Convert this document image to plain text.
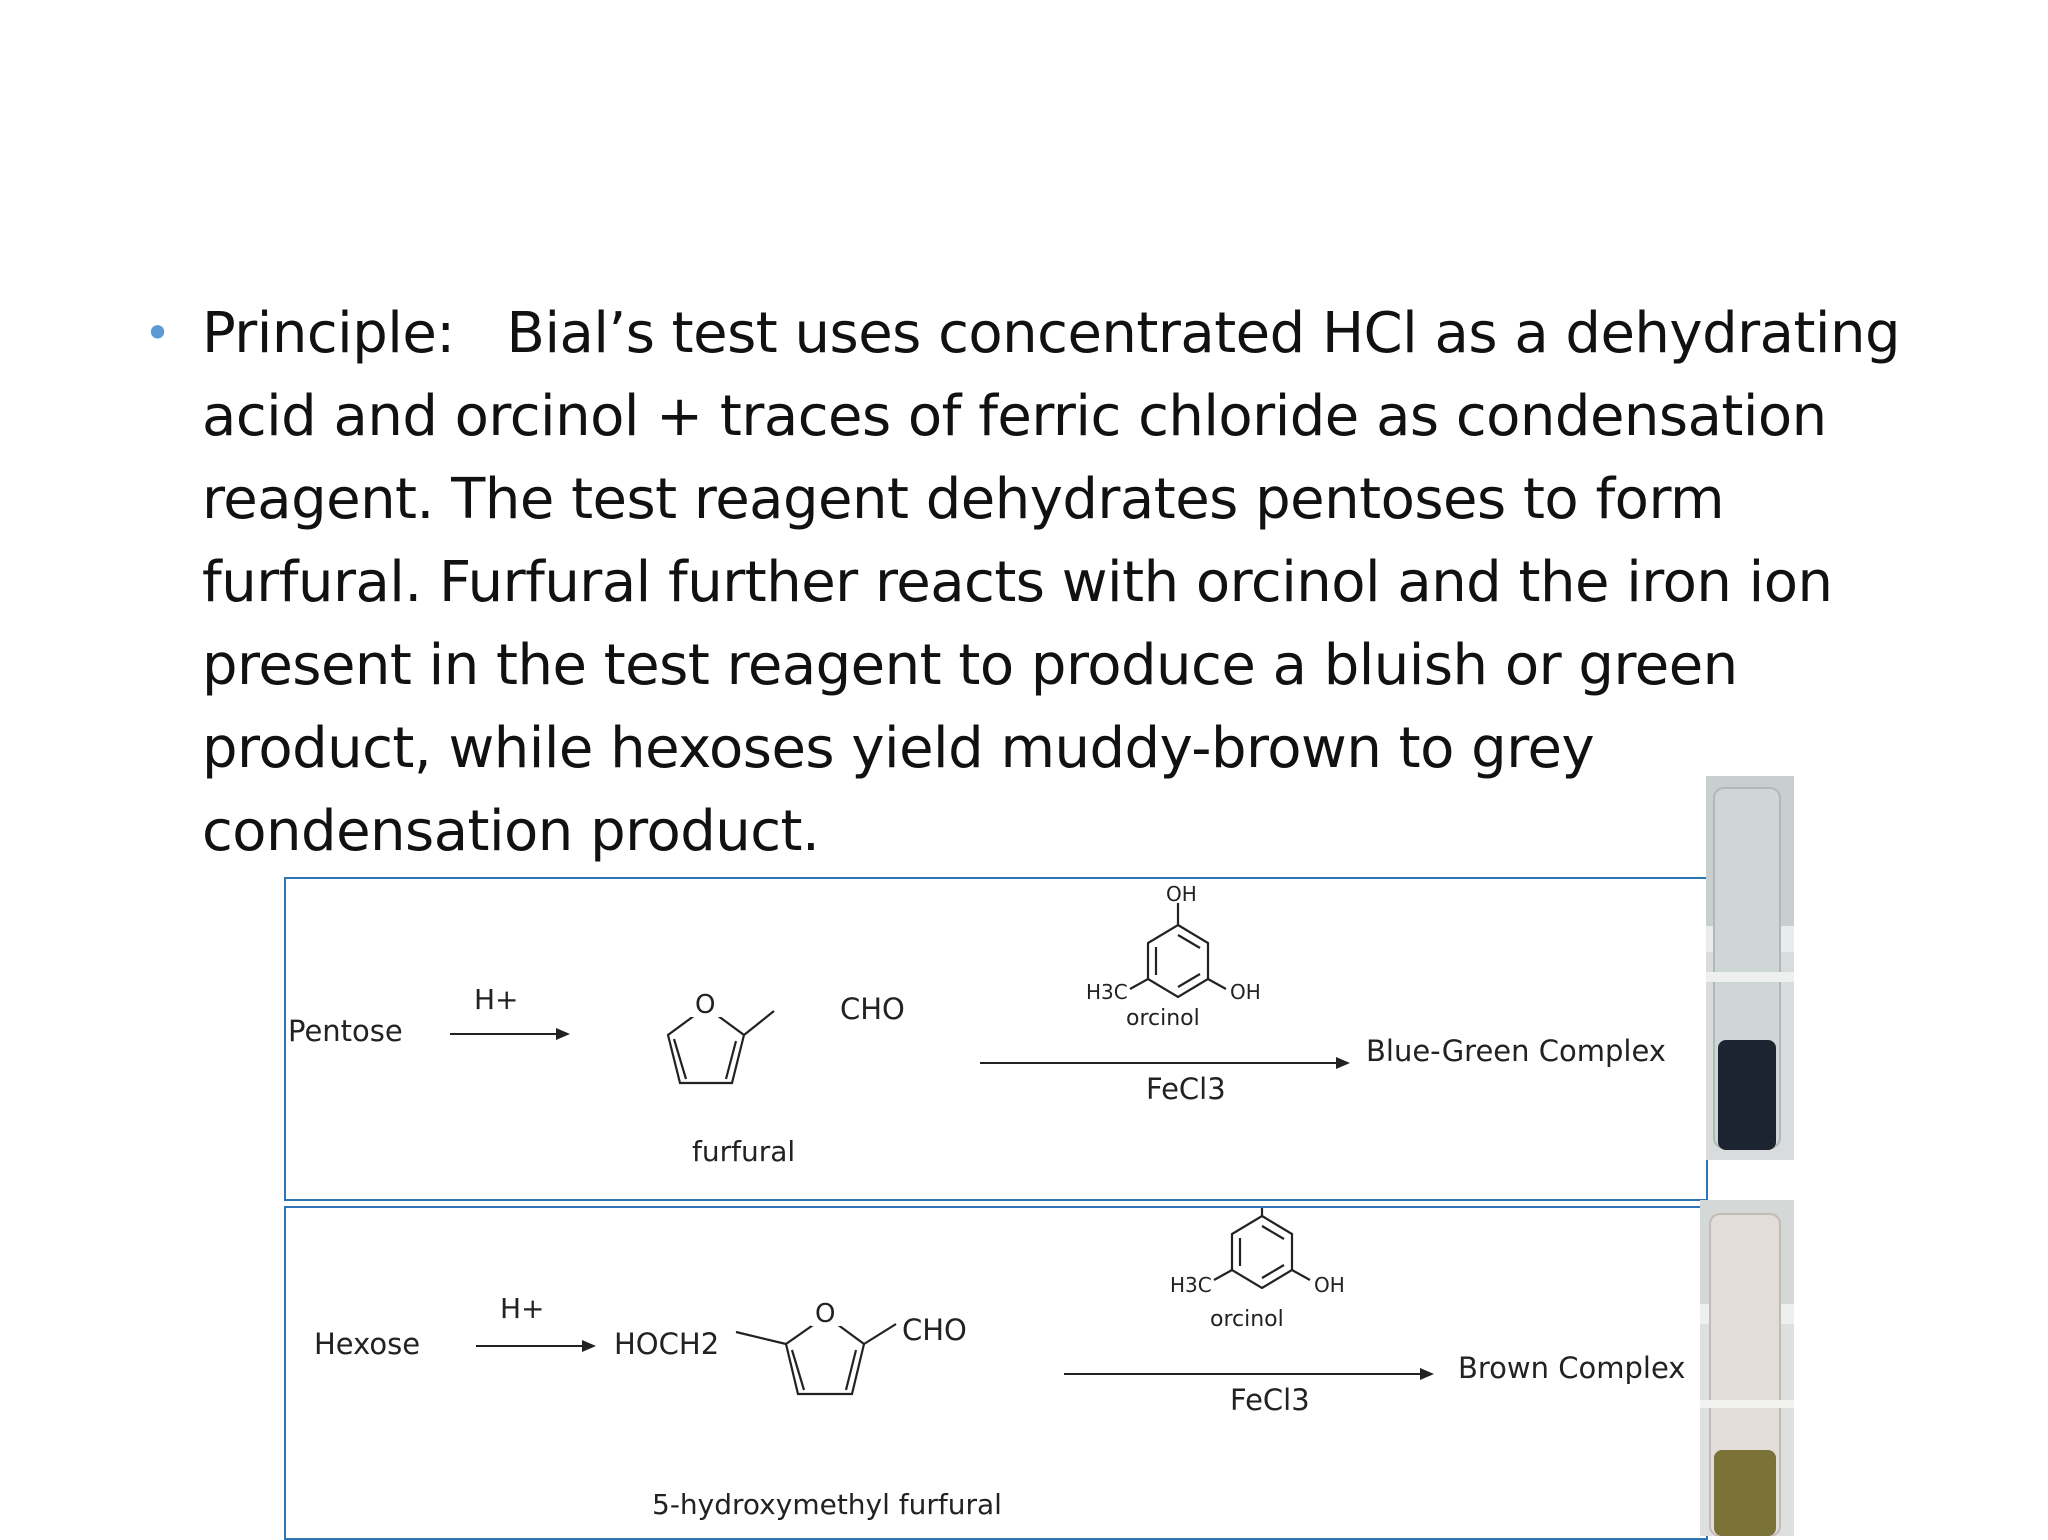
• Principle: Bial’s test uses concentrated HCl as a dehydrating
acid and orcinol + traces of ferric chloride as condensation
reagent. The test reagent dehydrates pentoses to form
furfural. Furfural further reacts with orcinol and the iron ion
present in the test reagent to produce a bluish or green
product, while hexoses yield muddy-brown to grey
condensation product.
Pentose
H+	O	CHO
furfural
OH
OH
H3C
orcinol
FeCl3
Blue-Green Complex
Hexose
H+
HOCH2
O CHO
5-hydroxymethyl furfural
OH
H3C
orcinol
FeCl3
Brown Complex
